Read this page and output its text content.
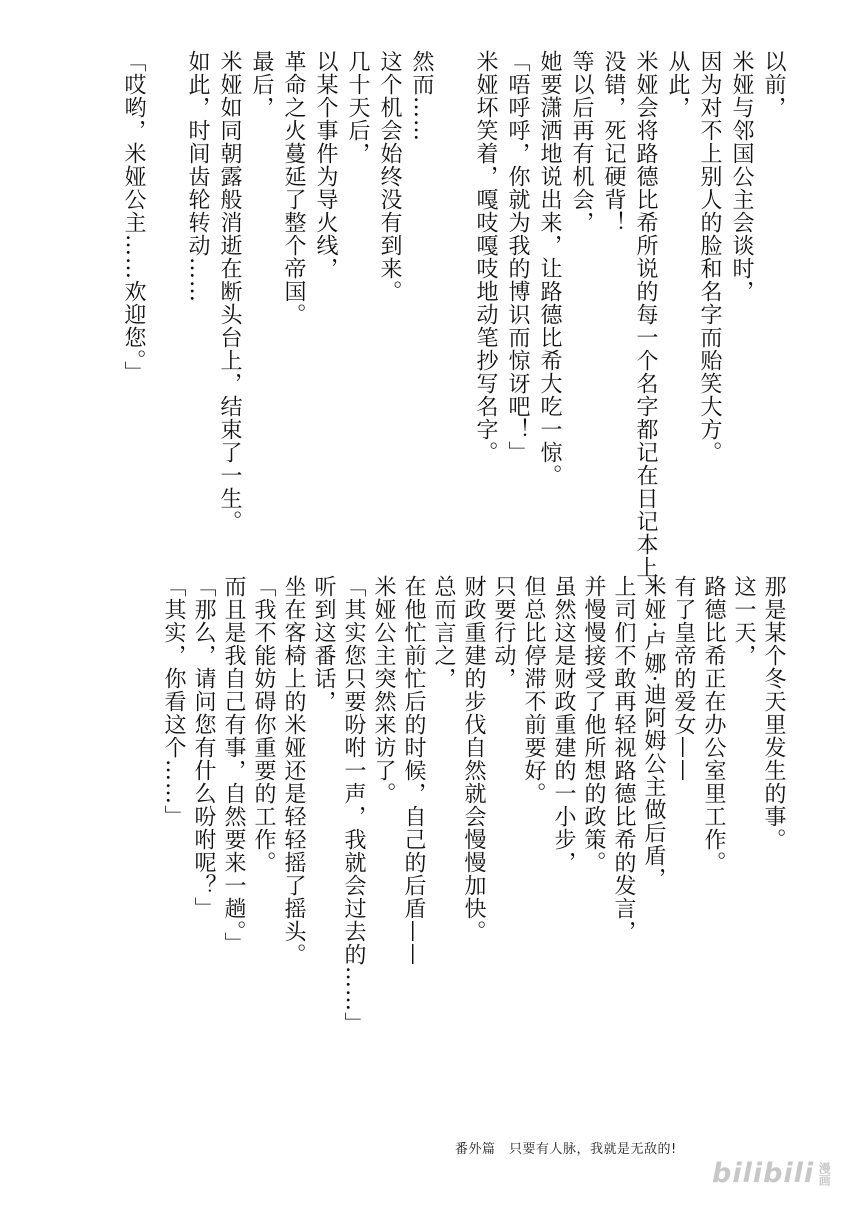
以前，
米娅与邻国公主会谈时，
因为对不上别人的脸和名字而贻笑大方。
从此，
米娅会将路德比希所说的每一个名字都记在日记本上。
没错，死记硬背！
等以后再有机会，
她要潇洒地说出来，让路德比希大吃一惊。
「唔呼呼，你就为我的博识而惊讶吧！」
米娅坏笑着，嘎吱嘎吱地动笔抄写名字。
然而……
这个机会始终没有到来。
几十天后，
以某个事件为导火线，
革命之火蔓延了整个帝国。
最后，
米娅如同朝露般消逝在断头台上，结束了一生。
如此，时间齿轮转动……
「哎哟，米娅公主……欢迎您。」
那是某个冬天里发生的事。
这一天，
路德比希正在办公室里工作。
有了皇帝的爱女——
米娅·卢娜·迪阿姆公主做后盾，
上司们不敢再轻视路德比希的发言，
并慢慢接受了他所想的政策。
虽然这是财政重建的一小步，
但总比停滞不前要好。
只要行动，
财政重建的步伐自然就会慢慢加快。
总而言之，
在他忙前忙后的时候，自己的后盾——
米娅公主突然来访了。
「其实您只要吩咐一声，我就会过去的……」
听到这番话，
坐在客椅上的米娅还是轻轻摇了摇头。
「我不能妨碍你重要的工作。
而且是我自己有事，自然要来一趟。」
「那么，请问您有什么吩咐呢？」
「其实，你看这个……」
番外篇　只要有人脉，我就是无敌的!
bilibili 漫画
